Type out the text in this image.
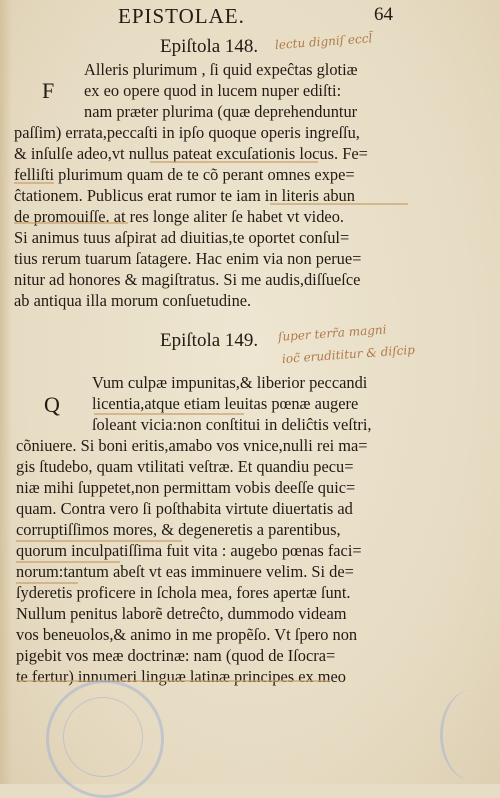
EPISTOLAE.	64
Epiſtola 148. lectu digniſ eccl̃
F
Alleris plurimum , ſi quid expeĉtas glotiæ
ex eo opere quod in lucem nuper ediſti:
nam præter plurima (quæ deprehenduntur
paſſim) errata,peccaſti in ipſo quoque operis ingreſſu,
& inſulſe adeo,vt nullus pateat excuſationis locus. Fe=
felliſti plurimum quam de te cõ perant omnes expe=
ĉtationem. Publicus erat rumor te iam in literis abun
de promouiſſe. at res longe aliter ſe habet vt video.
Si animus tuus aſpirat ad diuitias,te oportet conſul=
tius rerum tuarum ſatagere. Hac enim via non perue=
nitur ad honores & magiſtratus. Si me audis,diſſueſce
ab antiqua illa morum conſuetudine.
Epiſtola 149. ſuper terr̃a magni
ioc̃ erudititur & diſcip
Q
Vum culpæ impunitas,& liberior peccandi
licentia,atque etiam leuitas pœnæ augere
ſoleant vicia:non conſtitui in deliĉtis veſtri,
cõniuere. Si boni eritis,amabo vos vnice,nulli rei ma=
gis ſtudebo, quam vtilitati veſtræ. Et quandiu pecu=
niæ mihi ſuppetet,non permittam vobis deeſſe quic=
quam. Contra vero ſi poſthabita virtute diuertatis ad
corruptiſſimos mores, & degeneretis a parentibus,
quorum inculpatiſſima fuit vita : augebo pœnas faci=
norum:tantum abeſt vt eas imminuere velim. Si de=
ſyderetis proficere in ſchola mea, fores apertæ ſunt.
Nullum penitus laborẽ detreĉto, dummodo videam
vos beneuolos,& animo in me propẽſo. Vt ſpero non
pigebit vos meæ doctrinæ: nam (quod de Iſocra=
te fertur) innumeri linguæ latinæ principes ex meo
